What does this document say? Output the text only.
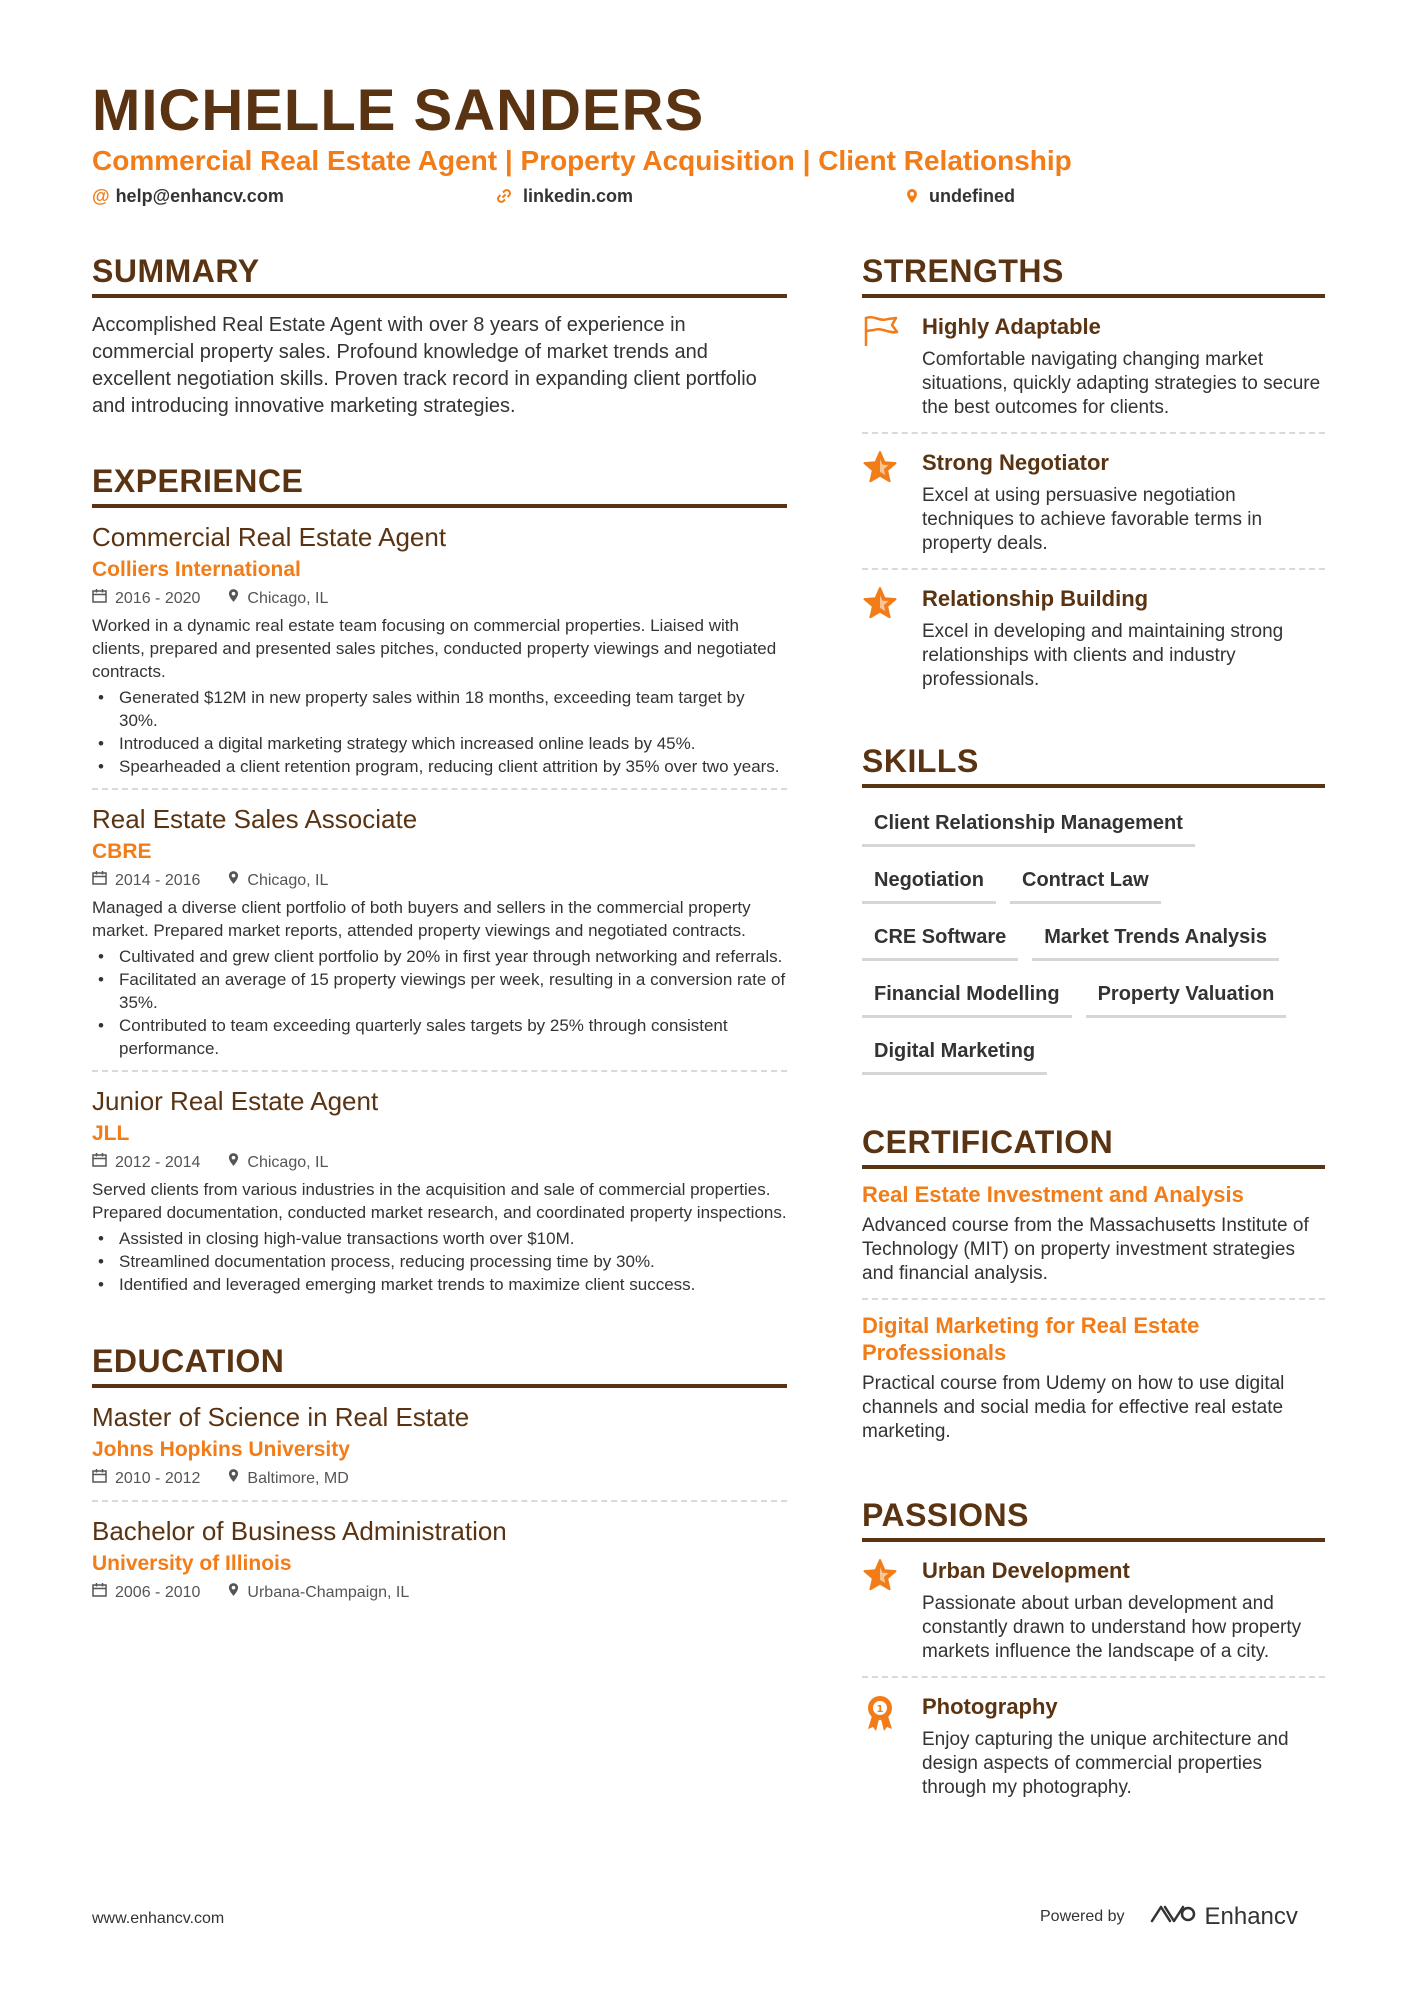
MICHELLE SANDERS
Commercial Real Estate Agent | Property Acquisition | Client Relationship
@ help@enhancv.com	linkedin.com	undefined
SUMMARY
Accomplished Real Estate Agent with over 8 years of experience in commercial property sales. Profound knowledge of market trends and excellent negotiation skills. Proven track record in expanding client portfolio and introducing innovative marketing strategies.
EXPERIENCE
Commercial Real Estate Agent
Colliers International
2016 - 2020	Chicago, IL
Worked in a dynamic real estate team focusing on commercial properties. Liaised with clients, prepared and presented sales pitches, conducted property viewings and negotiated contracts.
• Generated $12M in new property sales within 18 months, exceeding team target by 30%.
• Introduced a digital marketing strategy which increased online leads by 45%.
• Spearheaded a client retention program, reducing client attrition by 35% over two years.
Real Estate Sales Associate
CBRE
2014 - 2016	Chicago, IL
Managed a diverse client portfolio of both buyers and sellers in the commercial property market. Prepared market reports, attended property viewings and negotiated contracts.
• Cultivated and grew client portfolio by 20% in first year through networking and referrals.
• Facilitated an average of 15 property viewings per week, resulting in a conversion rate of 35%.
• Contributed to team exceeding quarterly sales targets by 25% through consistent performance.
Junior Real Estate Agent
JLL
2012 - 2014	Chicago, IL
Served clients from various industries in the acquisition and sale of commercial properties. Prepared documentation, conducted market research, and coordinated property inspections.
• Assisted in closing high-value transactions worth over $10M.
• Streamlined documentation process, reducing processing time by 30%.
• Identified and leveraged emerging market trends to maximize client success.
EDUCATION
Master of Science in Real Estate
Johns Hopkins University
2010 - 2012	Baltimore, MD
Bachelor of Business Administration
University of Illinois
2006 - 2010	Urbana-Champaign, IL
STRENGTHS
Highly Adaptable
Comfortable navigating changing market situations, quickly adapting strategies to secure the best outcomes for clients.
Strong Negotiator
Excel at using persuasive negotiation techniques to achieve favorable terms in property deals.
Relationship Building
Excel in developing and maintaining strong relationships with clients and industry professionals.
SKILLS
Client Relationship Management
Negotiation	Contract Law
CRE Software	Market Trends Analysis
Financial Modelling	Property Valuation
Digital Marketing
CERTIFICATION
Real Estate Investment and Analysis
Advanced course from the Massachusetts Institute of Technology (MIT) on property investment strategies and financial analysis.
Digital Marketing for Real Estate Professionals
Practical course from Udemy on how to use digital channels and social media for effective real estate marketing.
PASSIONS
Urban Development
Passionate about urban development and constantly drawn to understand how property markets influence the landscape of a city.
1 Photography
Enjoy capturing the unique architecture and design aspects of commercial properties through my photography.
www.enhancv.com	Powered by	Enhancv
